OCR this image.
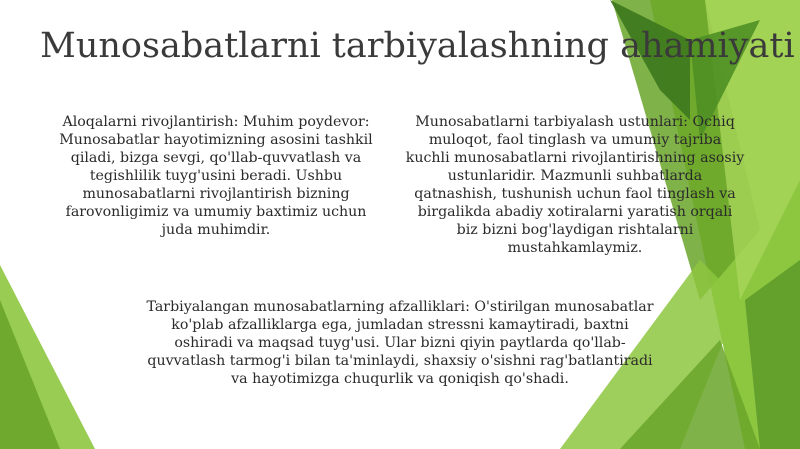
Munosabatlarni tarbiyalashning ahamiyati
Aloqalarni rivojlantirish: Muhim poydevor: Munosabatlar hayotimizning asosini tashkil qiladi, bizga sevgi, qo'llab-quvvatlash va tegishlilik tuyg'usini beradi. Ushbu munosabatlarni rivojlantirish bizning farovonligimiz va umumiy baxtimiz uchun juda muhimdir.
Munosabatlarni tarbiyalash ustunlari: Ochiq muloqot, faol tinglash va umumiy tajriba kuchli munosabatlarni rivojlantirishning asosiy ustunlaridir. Mazmunli suhbatlarda qatnashish, tushunish uchun faol tinglash va birgalikda abadiy xotiralarni yaratish orqali biz bizni bog'laydigan rishtalarni mustahkamlaymiz.
Tarbiyalangan munosabatlarning afzalliklari: O'stirilgan munosabatlar ko'plab afzalliklarga ega, jumladan stressni kamaytiradi, baxtni oshiradi va maqsad tuyg'usi. Ular bizni qiyin paytlarda qo'llab-quvvatlash tarmog'i bilan ta'minlaydi, shaxsiy o'sishni rag'batlantiradi va hayotimizga chuqurlik va qoniqish qo'shadi.
